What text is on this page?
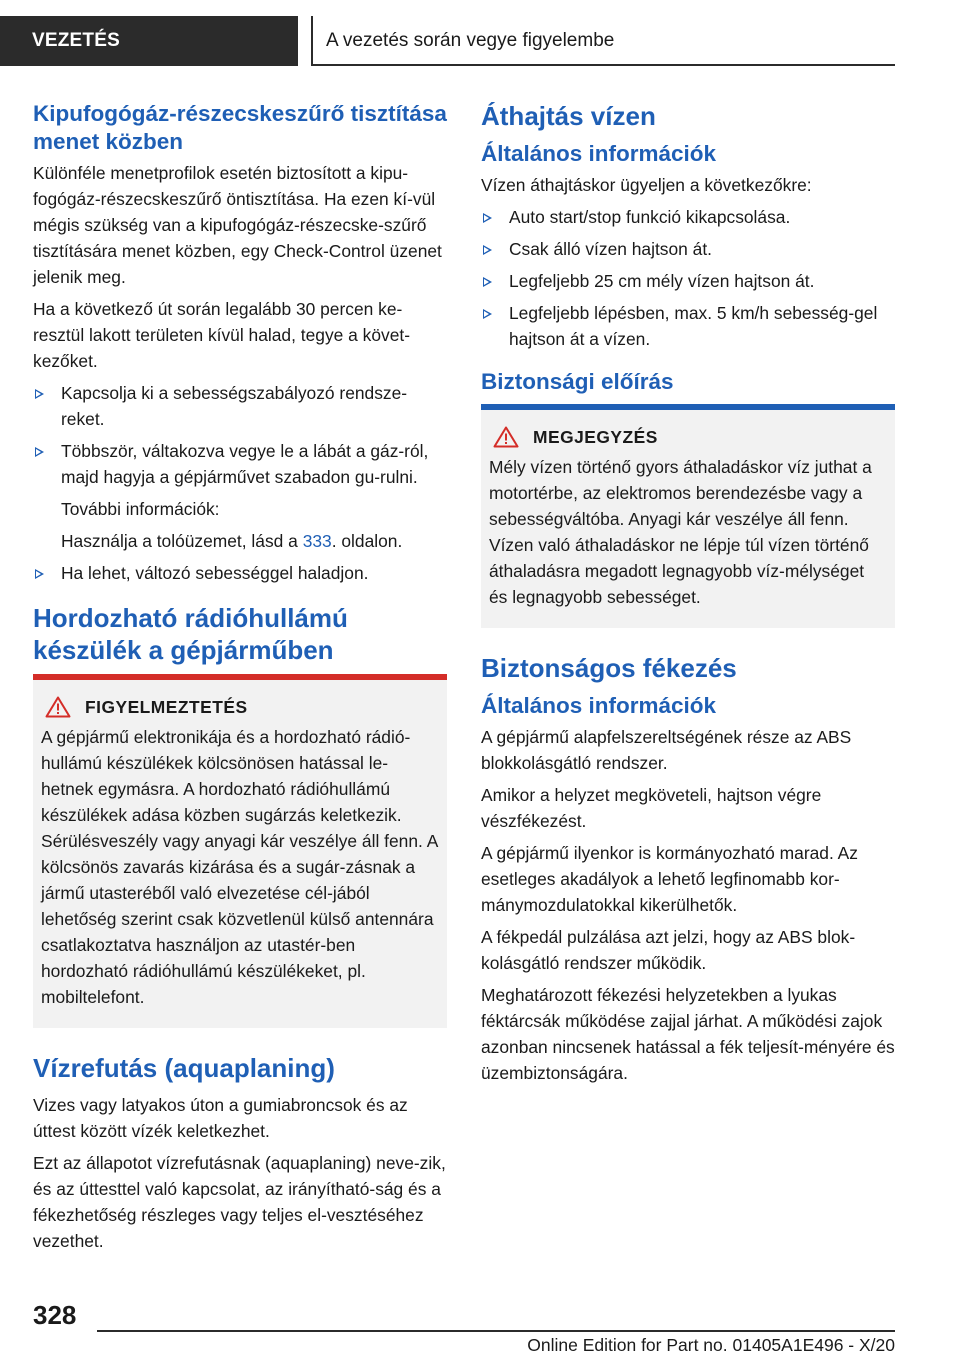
VEZETÉS	A vezetés során vegye figyelembe
Kipufogógáz-részecskeszűrő tisztítása menet közben

Különféle menetprofilok esetén biztosított a kipu-fogógáz-részecskeszűrő öntisztítása. Ha ezen kí-vül mégis szükség van a kipufogógáz-részecske-szűrő tisztítására menet közben, egy Check-Control üzenet jelenik meg.

Ha a következő út során legalább 30 percen ke-resztül lakott területen kívül halad, tegye a követ-kezőket.

Kapcsolja ki a sebességszabályozó rendsze-reket.
Többször, váltakozva vegye le a lábát a gáz-ról, majd hagyja a gépjárművet szabadon gu-rulni.
További információk:
Használja a tolóüzemet, lásd a 333. oldalon.
Ha lehet, változó sebességgel haladjon.
Hordozható rádióhullámú készülék a gépjárműben
FIGYELMEZTETÉS
A gépjármű elektronikája és a hordozható rádió-hullámú készülékek kölcsönösen hatással le-hetnek egymásra. A hordozható rádióhullámú készülékek adása közben sugárzás keletkezik. Sérülésveszély vagy anyagi kár veszélye áll fenn. A kölcsönös zavarás kizárása és a sugár-zásnak a jármű utasteréből való elvezetése cél-jából lehetőség szerint csak közvetlenül külső antennára csatlakoztatva használjon az utastér-ben hordozható rádióhullámú készülékeket, pl. mobiltelefont.
Vízrefutás (aquaplaning)

Vizes vagy latyakos úton a gumiabroncsok és az úttest között vízék keletkezhet.

Ezt az állapotot vízrefutásnak (aquaplaning) neve-zik, és az úttesttel való kapcsolat, az irányítható-ság és a fékezhetőség részleges vagy teljes el-vesztéséhez vezethet.

Áthajtás vízen
Általános információk

Vízen áthajtáskor ügyeljen a következőkre:

Auto start/stop funkció kikapcsolása.
Csak álló vízen hajtson át.
Legfeljebb 25 cm mély vízen hajtson át.
Legfeljebb lépésben, max. 5 km/h sebesség-gel hajtson át a vízen.
Biztonsági előírás
MEGJEGYZÉS
Mély vízen történő gyors áthaladáskor víz juthat a motortérbe, az elektromos berendezésbe vagy a sebességváltóba. Anyagi kár veszélye áll fenn. Vízen való áthaladáskor ne lépje túl vízen történő áthaladásra megadott legnagyobb víz-mélységet és legnagyobb sebességet.
Biztonságos fékezés
Általános információk

A gépjármű alapfelszereltségének része az ABS blokkolásgátló rendszer.

Amikor a helyzet megköveteli, hajtson végre vészfékezést.

A gépjármű ilyenkor is kormányozható marad. Az esetleges akadályok a lehető legfinomabb kor-mánymozdulatokkal kikerülhetők.

A fékpedál pulzálása azt jelzi, hogy az ABS blok-kolásgátló rendszer működik.

Meghatározott fékezési helyzetekben a lyukas féktárcsák működése zajjal járhat. A működési zajok azonban nincsenek hatással a fék teljesít-ményére és üzembiztonságára.

328
Online Edition for Part no. 01405A1E496 - X/20
